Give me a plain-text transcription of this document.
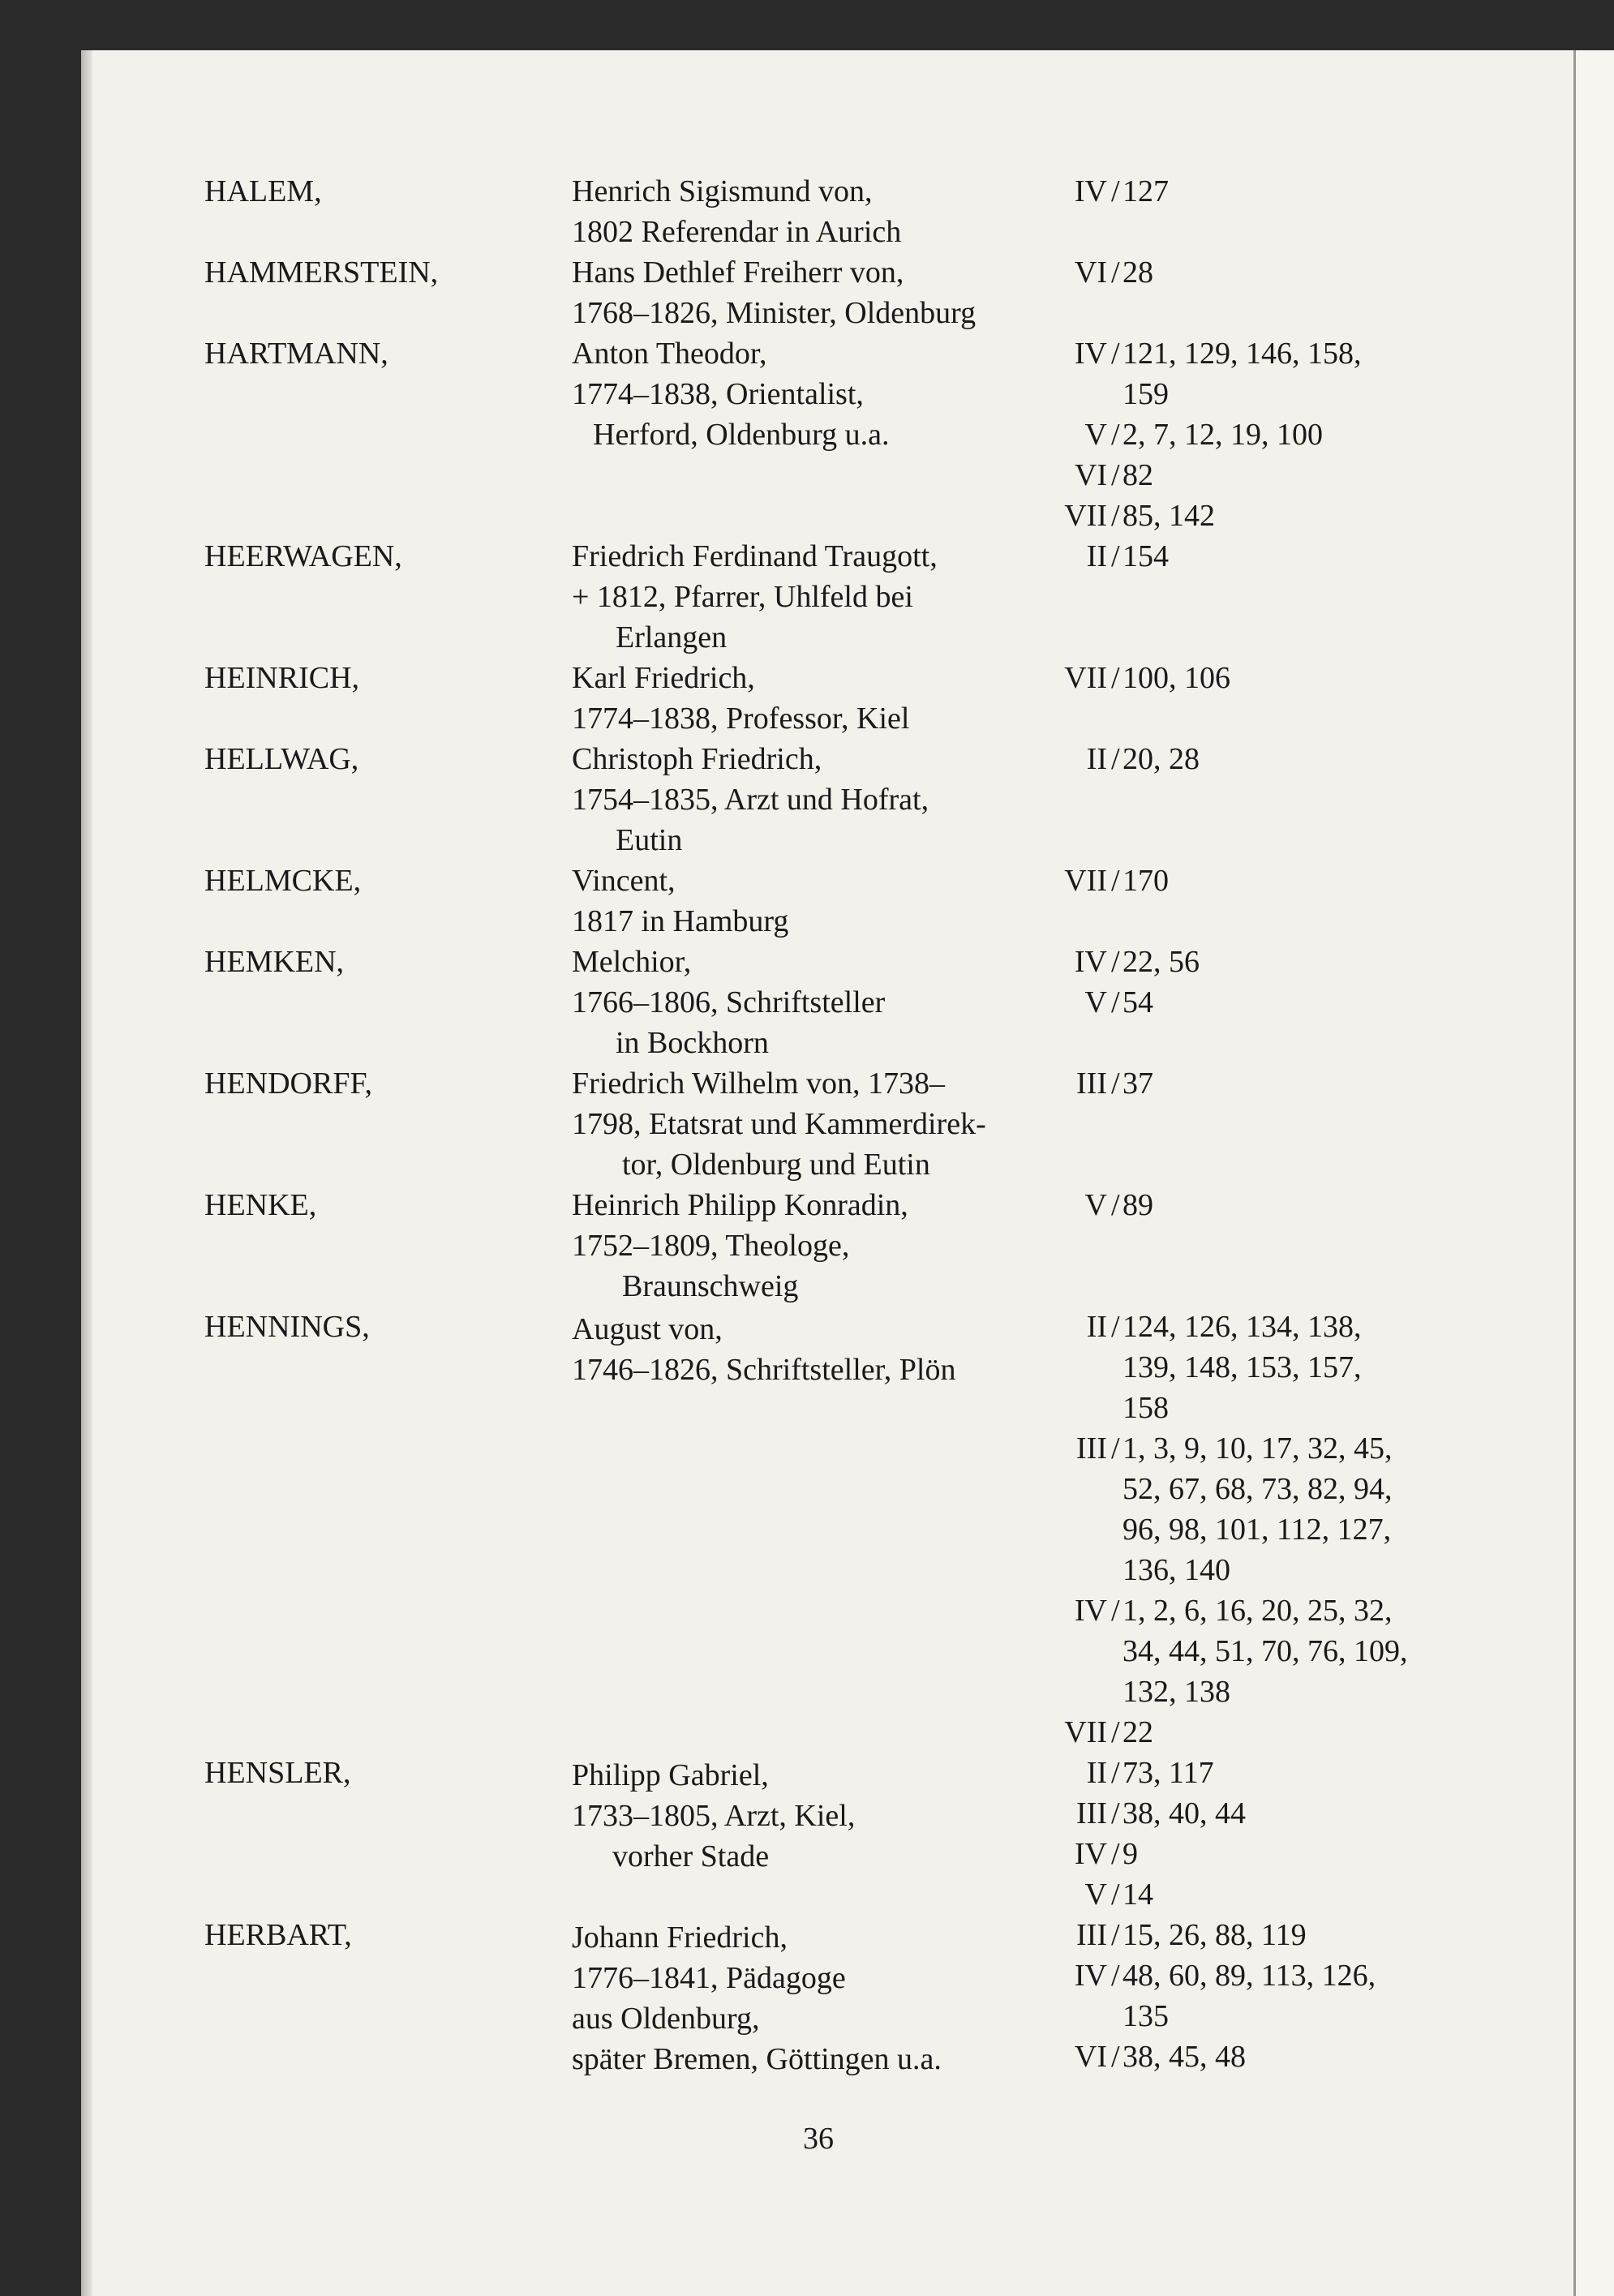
36
HALEM,	Henrich Sigismund von,
1802 Referendar in Aurich
IV / 127
HAMMERSTEIN,	Hans Dethlef Freiherr von,
1768–1826, Minister, Oldenburg
VI / 28
HARTMANN,	Anton Theodor,
1774–1838, Orientalist,
Herford, Oldenburg u.a.
IV / 121, 129, 146, 158,
159
V / 2, 7, 12, 19, 100
VI / 82
VII / 85, 142
HEERWAGEN,	Friedrich Ferdinand Traugott,
+ 1812, Pfarrer, Uhlfeld bei
Erlangen
II / 154
HEINRICH,	Karl Friedrich,
1774–1838, Professor, Kiel
VII / 100, 106
HELLWAG,	Christoph Friedrich,
1754–1835, Arzt und Hofrat,
Eutin
II / 20, 28
HELMCKE,	Vincent,
1817 in Hamburg
VII / 170
HEMKEN,	Melchior,
1766–1806, Schriftsteller
in Bockhorn
IV / 22, 56
V / 54
HENDORFF,	Friedrich Wilhelm von, 1738–
1798, Etatsrat und Kammerdirek-
tor, Oldenburg und Eutin
III / 37
HENKE,	Heinrich Philipp Konradin,
1752–1809, Theologe,
Braunschweig
V / 89
HENNINGS,	August von,
1746–1826, Schriftsteller, Plön
II / 124, 126, 134, 138,
139, 148, 153, 157,
158
III / 1, 3, 9, 10, 17, 32, 45,
52, 67, 68, 73, 82, 94,
96, 98, 101, 112, 127,
136, 140
IV / 1, 2, 6, 16, 20, 25, 32,
34, 44, 51, 70, 76, 109,
132, 138
VII / 22
HENSLER,	Philipp Gabriel,
1733–1805, Arzt, Kiel,
vorher Stade
II / 73, 117
III / 38, 40, 44
IV / 9
V / 14
HERBART,	Johann Friedrich,
1776–1841, Pädagoge
aus Oldenburg,
später Bremen, Göttingen u.a.
III / 15, 26, 88, 119
IV / 48, 60, 89, 113, 126,
135
VI / 38, 45, 48
